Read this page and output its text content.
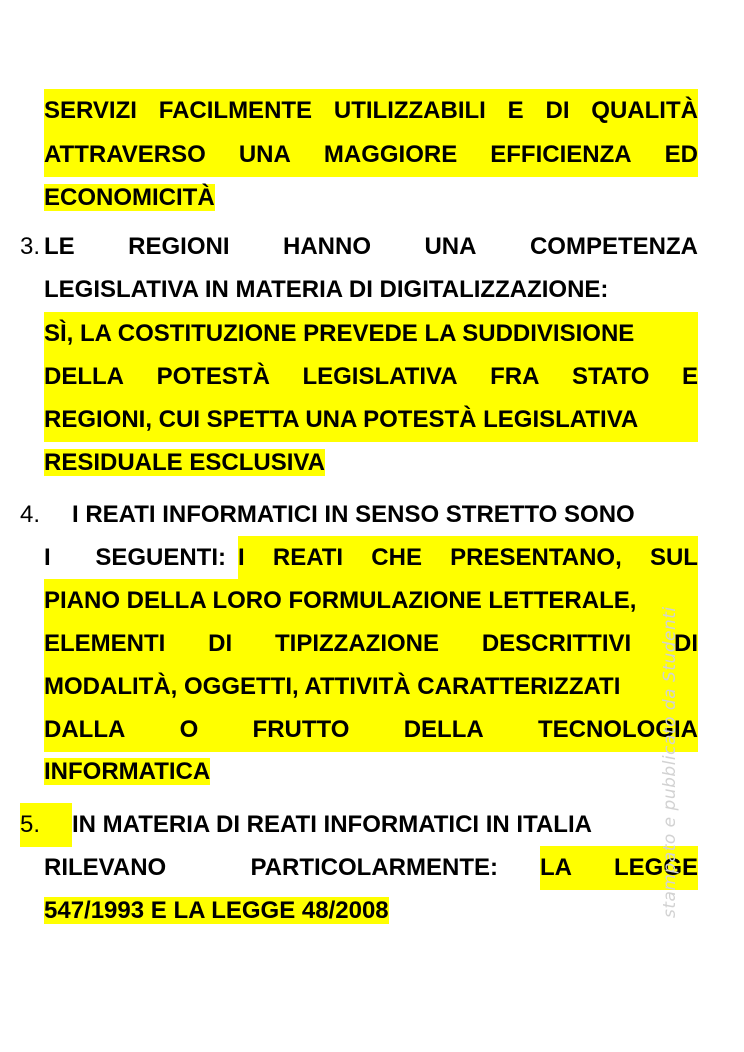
SERVIZI FACILMENTE UTILIZZABILI E DI QUALITÀ
ATTRAVERSO UNA MAGGIORE EFFICIENZA ED
ECONOMICITÀ
3. LE REGIONI HANNO UNA COMPETENZA
LEGISLATIVA IN MATERIA DI DIGITALIZZAZIONE:
SÌ, LA COSTITUZIONE PREVEDE LA SUDDIVISIONE
DELLA POTESTÀ LEGISLATIVA FRA STATO E
REGIONI, CUI SPETTA UNA POTESTÀ LEGISLATIVA
RESIDUALE ESCLUSIVA
4. I REATI INFORMATICI IN SENSO STRETTO SONO
I SEGUENTI: I REATI CHE PRESENTANO, SUL
PIANO DELLA LORO FORMULAZIONE LETTERALE,
ELEMENTI DI TIPIZZAZIONE DESCRITTIVI DI
MODALITÀ, OGGETTI, ATTIVITÀ CARATTERIZZATI
DALLA O FRUTTO DELLA TECNOLOGIA
INFORMATICA
5.	IN MATERIA DI REATI INFORMATICI IN ITALIA
RILEVANO	PARTICOLARMENTE: LA LEGGE
547/1993 E LA LEGGE 48/2008	stampato e pubblicato da Studenti
